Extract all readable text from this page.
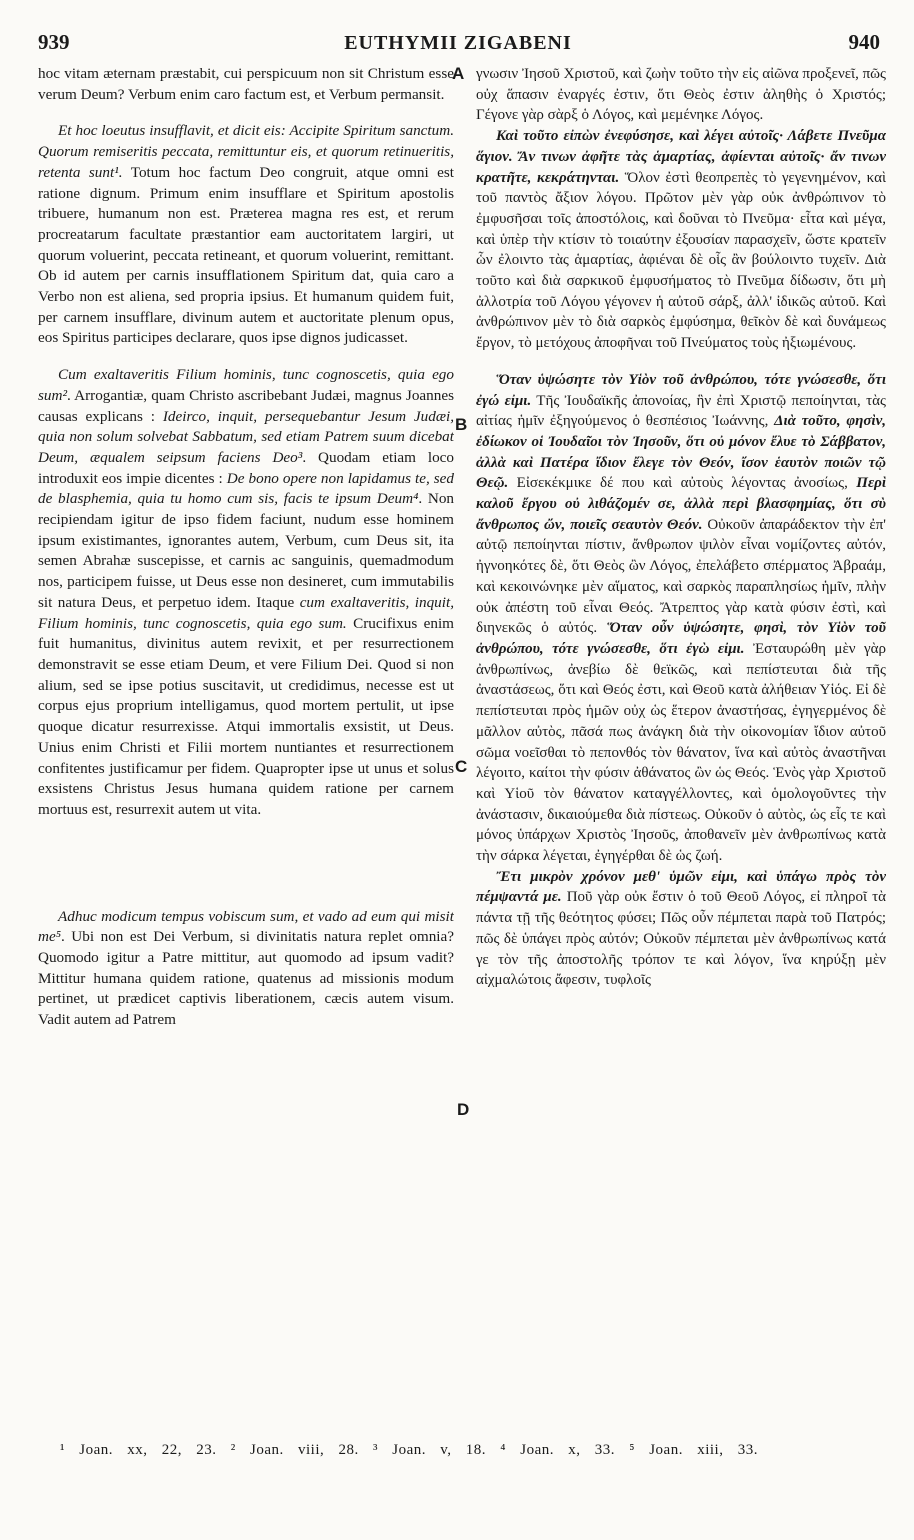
939	EUTHYMII ZIGABENI	940

hoc vitam æternam præstabit, cui perspicuum non sit Christum esse verum Deum? Verbum enim caro factum est, et Verbum permansit.

Et hoc loeutus insufflavit, et dicit eis: Accipite Spiritum sanctum. Quorum remiseritis peccata, remittuntur eis, et quorum retinueritis, retenta sunt¹. Totum hoc factum Deo congruit, atque omni est ratione dignum. Primum enim insufflare et Spiritum apostolis tribuere, humanum non est. Præterea magna res est, et rerum procreatarum facultate præstantior eam auctoritatem largiri, ut quorum voluerint, peccata retineant, et quorum voluerint, remittant. Ob id autem per carnis insufflationem Spiritum dat, quia caro a Verbo non est aliena, sed propria ipsius. Et humanum quidem fuit, per carnem insufflare, divinum autem et auctoritate plenum opus, eos Spiritus participes declarare, quos ipse dignos judicasset.

Cum exaltaveritis Filium hominis, tunc cognoscetis, quia ego sum². Arrogantiæ, quam Christo ascribebant Judæi, magnus Joannes causas explicans : Ideirco, inquit, persequebantur Jesum Judæi, quia non solum solvebat Sabbatum, sed etiam Patrem suum dicebat Deum, æqualem seipsum faciens Deo³. Quodam etiam loco introduxit eos impie dicentes : De bono opere non lapidamus te, sed de blasphemia, quia tu homo cum sis, facis te ipsum Deum⁴. Non recipiendam igitur de ipso fidem faciunt, nudum esse hominem ipsum existimantes, ignorantes autem, Verbum, cum Deus sit, ita semen Abrahæ suscepisse, et carnis ac sanguinis, quemadmodum nos, participem fuisse, ut Deus esse non desineret, cum immutabilis sit natura Deus, et perpetuo idem. Itaque cum exaltaveritis, inquit, Filium hominis, tunc cognoscetis, quia ego sum. Crucifixus enim fuit humanitus, divinitus autem revixit, et per resurrectionem demonstravit se esse etiam Deum, et vere Filium Dei. Quod si non alium, sed se ipse potius suscitavit, ut credidimus, necesse est ut corpus ejus proprium intelligamus, quod mortem pertulit, ut ipse quoque dicatur resurrexisse. Atqui immortalis exsistit, ut Deus. Unius enim Christi et Filii mortem nuntiantes et resurrectionem confitentes justificamur per fidem. Quapropter ipse ut unus et solus exsistens Christus Jesus humana quidem ratione per carnem mortuus est, resurrexit autem ut vita.

Adhuc modicum tempus vobiscum sum, et vado ad eum qui misit me⁵. Ubi non est Dei Verbum, si divinitatis natura replet omnia? Quomodo igitur a Patre mittitur, aut quomodo ad ipsum vadit? Mittitur humana quidem ratione, quatenus ad missionis modum pertinet, ut prædicet captivis liberationem, cæcis autem visum. Vadit autem ad Patrem

γνωσιν Ἰησοῦ Χριστοῦ, καὶ ζωὴν τοῦτο τὴν εἰς αἰῶνα προξενεῖ, πῶς οὐχ ἅπασιν ἐναργές ἐστιν, ὅτι Θεὸς ἐστιν ἀληθὴς ὁ Χριστός; Γέγονε γὰρ σὰρξ ὁ Λόγος, καὶ μεμένηκε Λόγος.

Καὶ τοῦτο εἰπὼν ἐνεφύσησε, καὶ λέγει αὐτοῖς· Λάβετε Πνεῦμα ἅγιον. Ἄν τινων ἀφῆτε τὰς ἁμαρτίας, ἀφίενται αὐτοῖς· ἄν τινων κρατῆτε, κεκράτηνται. Ὅλον ἐστὶ θεοπρεπὲς τὸ γεγενημένον, καὶ τοῦ παντὸς ἄξιον λόγου. Πρῶτον μὲν γὰρ οὐκ ἀνθρώπινον τὸ ἐμφυσῆσαι τοῖς ἀποστόλοις, καὶ δοῦναι τὸ Πνεῦμα· εἶτα καὶ μέγα, καὶ ὑπὲρ τὴν κτίσιν τὸ τοιαύτην ἐξουσίαν παρασχεῖν, ὥστε κρατεῖν ὧν ἐλοιντο τὰς ἁμαρτίας, ἀφιέναι δὲ οἷς ἂν βούλοιντο τυχεῖν. Διὰ τοῦτο καὶ διὰ σαρκικοῦ ἐμφυσήματος τὸ Πνεῦμα δίδωσιν, ὅτι μὴ ἀλλοτρία τοῦ Λόγου γέγονεν ἡ αὐτοῦ σάρξ, ἀλλ' ἰδικῶς αὐτοῦ. Καὶ ἀνθρώπινον μὲν τὸ διὰ σαρκὸς ἐμφύσημα, θεῖκὸν δὲ καὶ δυνάμεως ἔργον, τὸ μετόχους ἀποφῆναι τοῦ Πνεύματος τοὺς ἠξιωμένους.

Ὅταν ὑψώσητε τὸν Υἱὸν τοῦ ἀνθρώπου, τότε γνώσεσθε, ὅτι ἐγώ εἰμι. Τῆς Ἰουδαϊκῆς ἀπονοίας, ἣν ἐπὶ Χριστῷ πεποίηνται, τὰς αἰτίας ἡμῖν ἐξηγούμενος ὁ θεσπέσιος Ἰωάννης, Διὰ τοῦτο, φησὶν, ἐδίωκον οἱ Ἰουδαῖοι τὸν Ἰησοῦν, ὅτι οὐ μόνον ἔλυε τὸ Σάββατον, ἀλλὰ καὶ Πατέρα ἴδιον ἔλεγε τὸν Θεόν, ἴσον ἑαυτὸν ποιῶν τῷ Θεῷ. Εἰσεκέκμικε δέ που καὶ αὐτοὺς λέγοντας ἀνοσίως, Περὶ καλοῦ ἔργου οὐ λιθάζομέν σε, ἀλλὰ περὶ βλασφημίας, ὅτι σὺ ἄνθρωπος ὤν, ποιεῖς σεαυτὸν Θεόν. Οὐκοῦν ἀπαράδεκτον τὴν ἐπ' αὐτῷ πεποίηνται πίστιν, ἄνθρωπον ψιλὸν εἶναι νομίζοντες αὐτόν, ἠγνοηκότες δὲ, ὅτι Θεὸς ὢν Λόγος, ἐπελάβετο σπέρματος Ἀβραάμ, καὶ κεκοινώνηκε μὲν αἵματος, καὶ σαρκὸς παραπλησίως ἡμῖν, πλὴν οὐκ ἀπέστη τοῦ εἶναι Θεός. Ἄτρεπτος γὰρ κατὰ φύσιν ἐστὶ, καὶ διηνεκῶς ὁ αὐτός. Ὅταν οὖν ὑψώσητε, φησὶ, τὸν Υἱὸν τοῦ ἀνθρώπου, τότε γνώσεσθε, ὅτι ἐγὼ εἰμι. Ἐσταυρώθη μὲν γὰρ ἀνθρωπίνως, ἀνεβίω δὲ θεϊκῶς, καὶ πεπίστευται διὰ τῆς ἀναστάσεως, ὅτι καὶ Θεός ἐστι, καὶ Θεοῦ κατὰ ἀλήθειαν Υἱός. Εἰ δὲ πεπίστευται πρὸς ἡμῶν οὐχ ὡς ἕτερον ἀναστήσας, ἐγηγερμένος δὲ μᾶλλον αὐτὸς, πᾶσά πως ἀνάγκη διὰ τὴν οἰκονομίαν ἴδιον αὐτοῦ σῶμα νοεῖσθαι τὸ πεπονθός τὸν θάνατον, ἵνα καὶ αὐτὸς ἀναστῆναι λέγοιτο, καίτοι τὴν φύσιν ἀθάνατος ὢν ὡς Θεός. Ἑνὸς γὰρ Χριστοῦ καὶ Υἱοῦ τὸν θάνατον καταγγέλλοντες, καὶ ὁμολογοῦντες τὴν ἀνάστασιν, δικαιούμεθα διὰ πίστεως. Οὐκοῦν ὁ αὐτὸς, ὡς εἷς τε καὶ μόνος ὑπάρχων Χριστὸς Ἰησοῦς, ἀποθανεῖν μὲν ἀνθρωπίνως κατὰ τὴν σάρκα λέγεται, ἐγηγέρθαι δὲ ὡς ζωή.

Ἔτι μικρὸν χρόνον μεθ' ὑμῶν εἰμι, καὶ ὑπάγω πρὸς τὸν πέμψαντά με. Ποῦ γὰρ οὐκ ἔστιν ὁ τοῦ Θεοῦ Λόγος, εἰ πληροῖ τὰ πάντα τῇ τῆς θεότητος φύσει; Πῶς οὖν πέμπεται παρὰ τοῦ Πατρός; πῶς δὲ ὑπάγει πρὸς αὐτόν; Οὐκοῦν πέμπεται μὲν ἀνθρωπίνως κατά γε τὸν τῆς ἀποστολῆς τρόπον τε καὶ λόγον, ἵνα κηρύξῃ μὲν αἰχμαλώτοις ἄφεσιν, τυφλοῖς

A
B
C
D
¹ Joan. xx, 22, 23. ² Joan. viii, 28. ³ Joan. v, 18. ⁴ Joan. x, 33. ⁵ Joan. xiii, 33.
